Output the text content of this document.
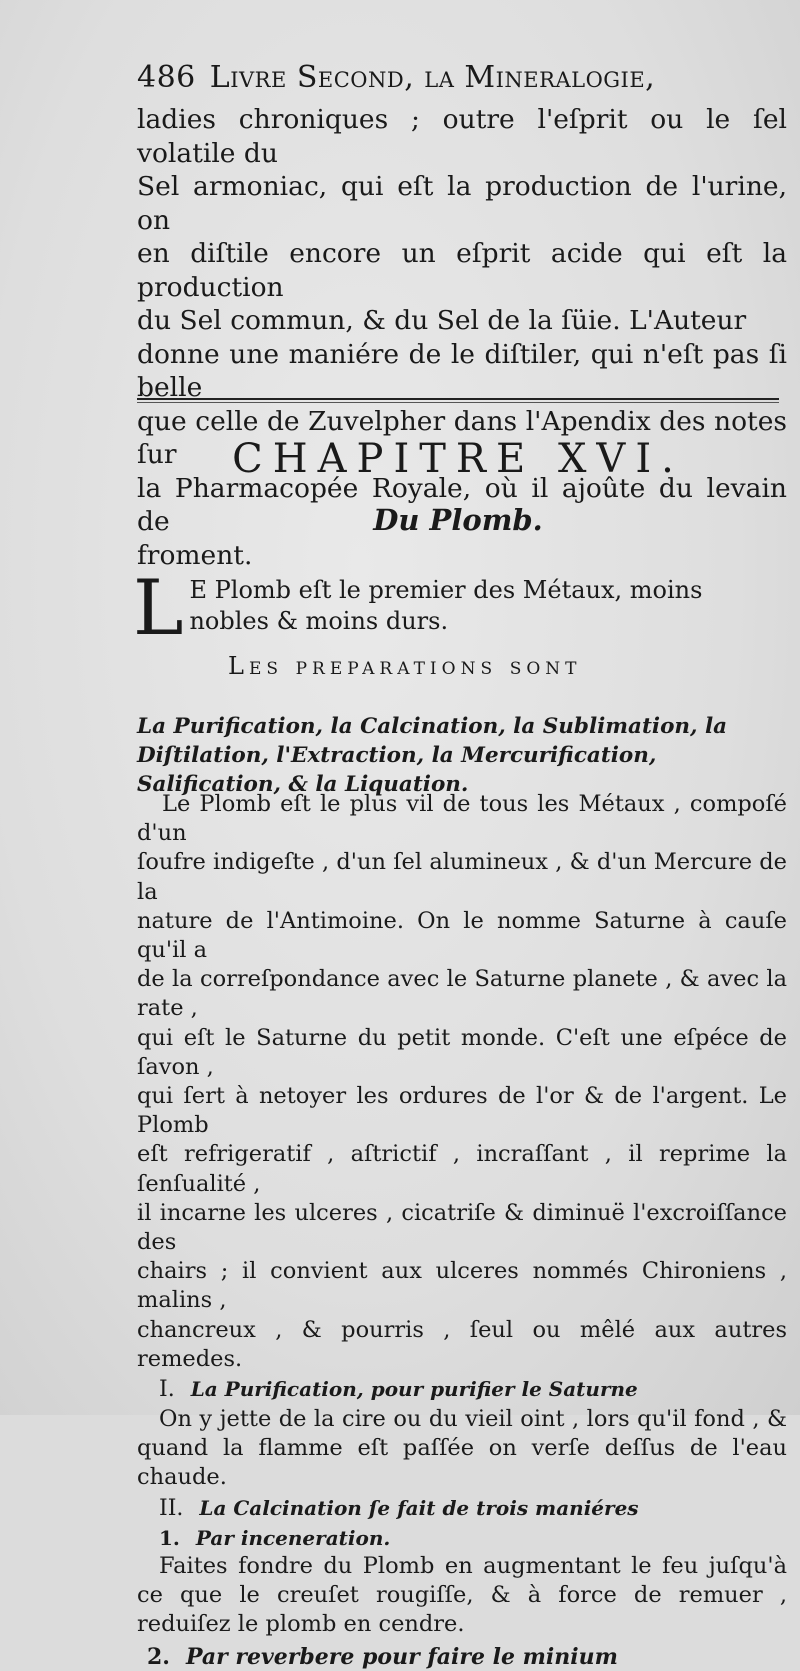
486 Livre Second, la Mineralogie,

ladies chroniques ; outre l'eſprit ou le ſel volatile du

Sel armoniac, qui eſt la production de l'urine, on

en diſtile encore un eſprit acide qui eſt la production

du Sel commun, & du Sel de la ſüie. L'Auteur

donne une maniére de le diſtiler, qui n'eſt pas ſi belle

que celle de Zuvelpher dans l'Apendix des notes ſur

la Pharmacopée Royale, où il ajoûte du levain de

froment.

CHAPITRE XVI.
Du Plomb.
L E Plomb eſt le premier des Métaux, moins nobles & moins durs.
Les preparations sont
La Purification, la Calcination, la Sublimation, la Diſtilation, l'Extraction, la Mercurification, Salification, & la Liquation.

Le Plomb eſt le plus vil de tous les Métaux , compoſé d'un

ſoufre indigeſte , d'un ſel alumineux , & d'un Mercure de la

nature de l'Antimoine. On le nomme Saturne à cauſe qu'il a

de la correſpondance avec le Saturne planete , & avec la rate ,

qui eſt le Saturne du petit monde. C'eſt une eſpéce de ſavon ,

qui ſert à netoyer les ordures de l'or & de l'argent. Le Plomb

eſt refrigeratif , aſtrictif , incraſſant , il reprime la ſenſualité ,

il incarne les ulceres , cicatriſe & diminuë l'excroiſſance des

chairs ; il convient aux ulceres nommés Chironiens , malins ,

chancreux , & pourris , ſeul ou mêlé aux autres remedes.

I. La Purification, pour purifier le Saturne
On y jette de la cire ou du vieil oint , lors qu'il fond , & quand la flamme eſt paſſée on verſe deſſus de l'eau chaude.
II. La Calcination ſe fait de trois maniéres
1. Par inceneration.
Faites fondre du Plomb en augmentant le feu juſqu'à ce que le creuſet rougiſſe, & à force de remuer , reduiſez le plomb en cendre.
2. Par reverbere pour faire le minium
